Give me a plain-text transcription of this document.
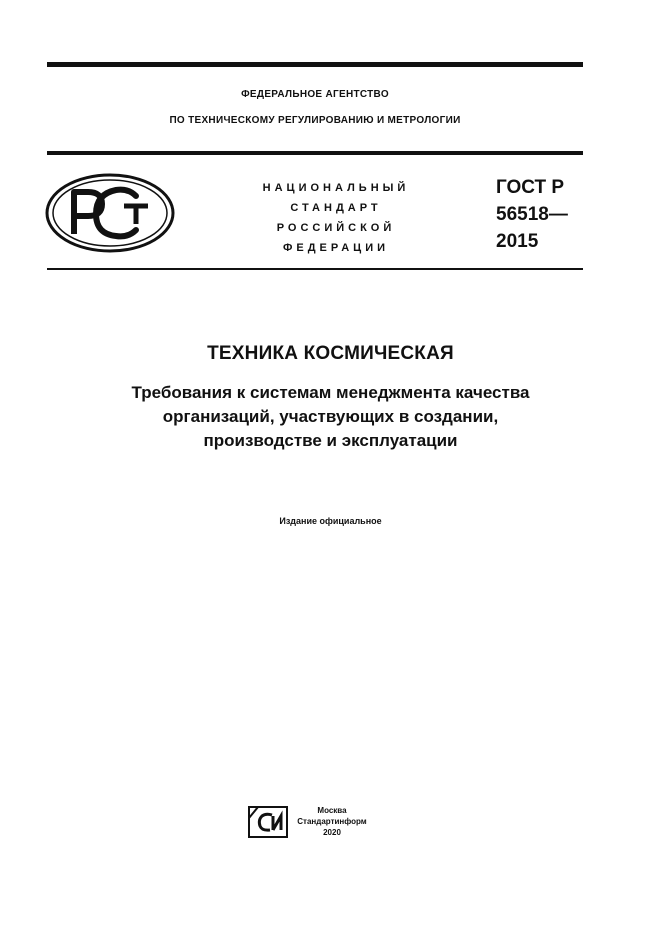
ФЕДЕРАЛЬНОЕ АГЕНТСТВО
ПО ТЕХНИЧЕСКОМУ РЕГУЛИРОВАНИЮ И МЕТРОЛОГИИ
НАЦИОНАЛЬНЫЙ
СТАНДАРТ
РОССИЙСКОЙ
ФЕДЕРАЦИИ
ГОСТ Р
56518—
2015
ТЕХНИКА КОСМИЧЕСКАЯ
Требования к системам менеджмента качества
организаций, участвующих в создании,
производстве и эксплуатации
Издание официальное
Москва
Стандартинформ
2020
